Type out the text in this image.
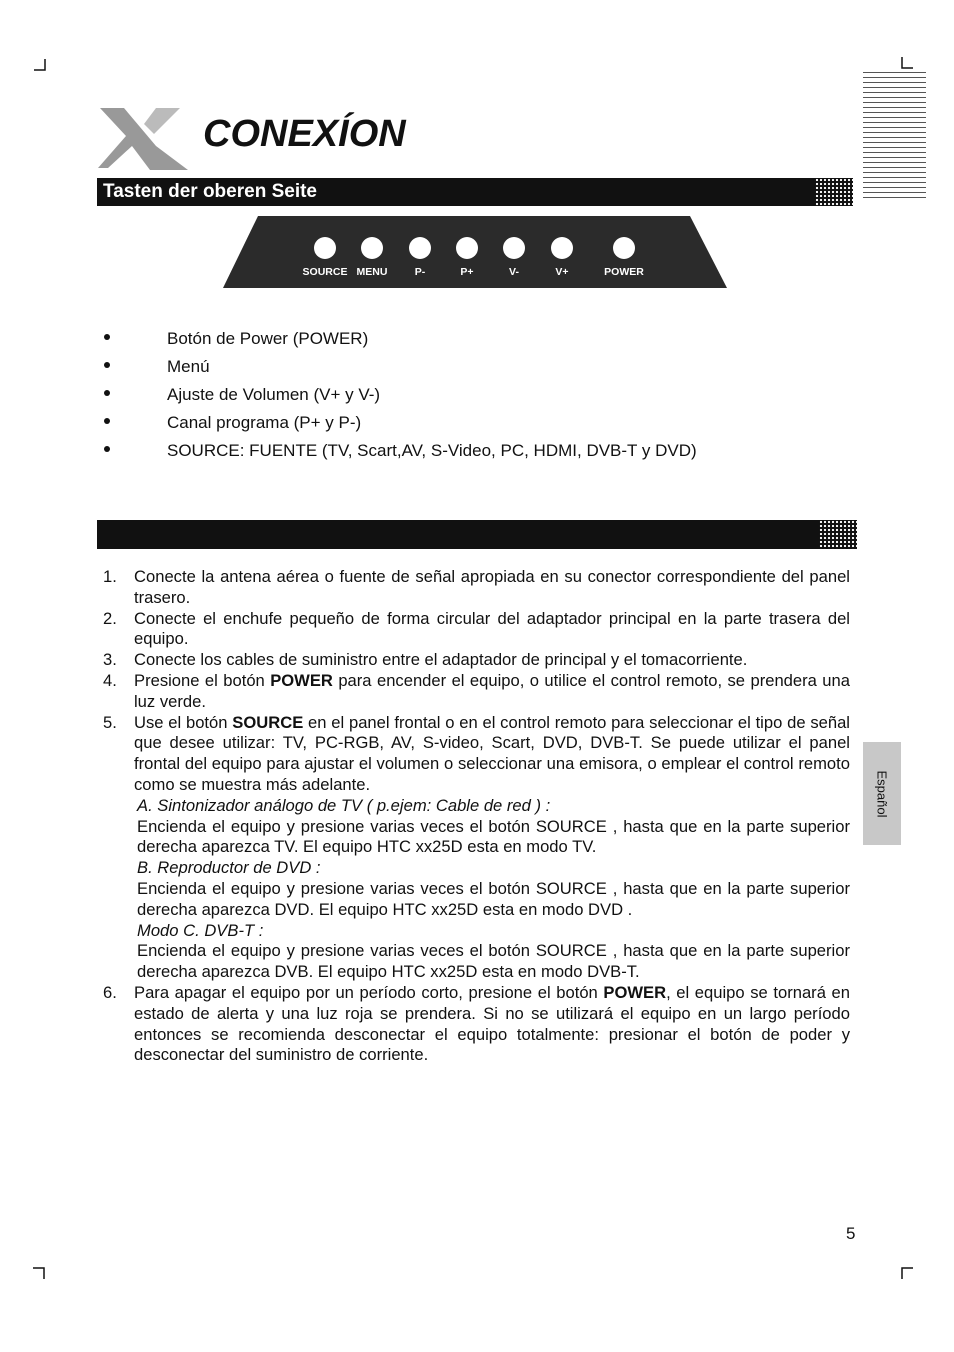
CONEXÍON
Tasten der oberen Seite
SOURCE MENU	P-	P+	V-	V+	POWER
Botón de Power (POWER)
Menú
Ajuste de Volumen (V+ y V-)
Canal programa (P+ y P-)
SOURCE: FUENTE (TV, Scart,AV, S-Video, PC, HDMI, DVB-T y DVD)
1. Conecte la antena aérea o fuente de señal apropiada en su conector correspondiente del panel trasero.
2. Conecte el enchufe pequeño de forma circular del adaptador principal en la parte trasera del equipo.
3. Conecte los cables de suministro entre el adaptador de principal y el tomacorriente.
4. Presione el botón POWER para encender el equipo, o utilice el control remoto, se prendera una luz verde.
5. Use el botón SOURCE en el panel frontal o en el control remoto para seleccionar el tipo de señal que desee utilizar: TV, PC-RGB, AV, S-video, Scart, DVD, DVB-T. Se puede utilizar el panel frontal del equipo para ajustar el volumen o seleccionar una emisora, o emplear el control remoto como se muestra más adelante.
A. Sintonizador análogo de TV ( p.ejem: Cable de red ) :
Encienda el equipo y presione varias veces el botón SOURCE , hasta que en la parte superior derecha aparezca TV. El equipo HTC xx25D esta en modo TV.
B. Reproductor de DVD :
Encienda el equipo y presione varias veces el botón SOURCE , hasta que en la parte superior derecha aparezca DVD. El equipo HTC xx25D esta en modo DVD .
Modo C. DVB-T :
Encienda el equipo y presione varias veces el botón SOURCE , hasta que en la parte superior derecha aparezca DVB. El equipo HTC xx25D esta en modo DVB-T.
6. Para apagar el equipo por un período corto, presione el botón POWER, el equipo se tornará en estado de alerta y una luz roja se prendera. Si no se utilizará el equipo en un largo período entonces se recomienda desconectar el equipo totalmente: presionar el botón de poder y desconectar del suministro de corriente.
Español
5
